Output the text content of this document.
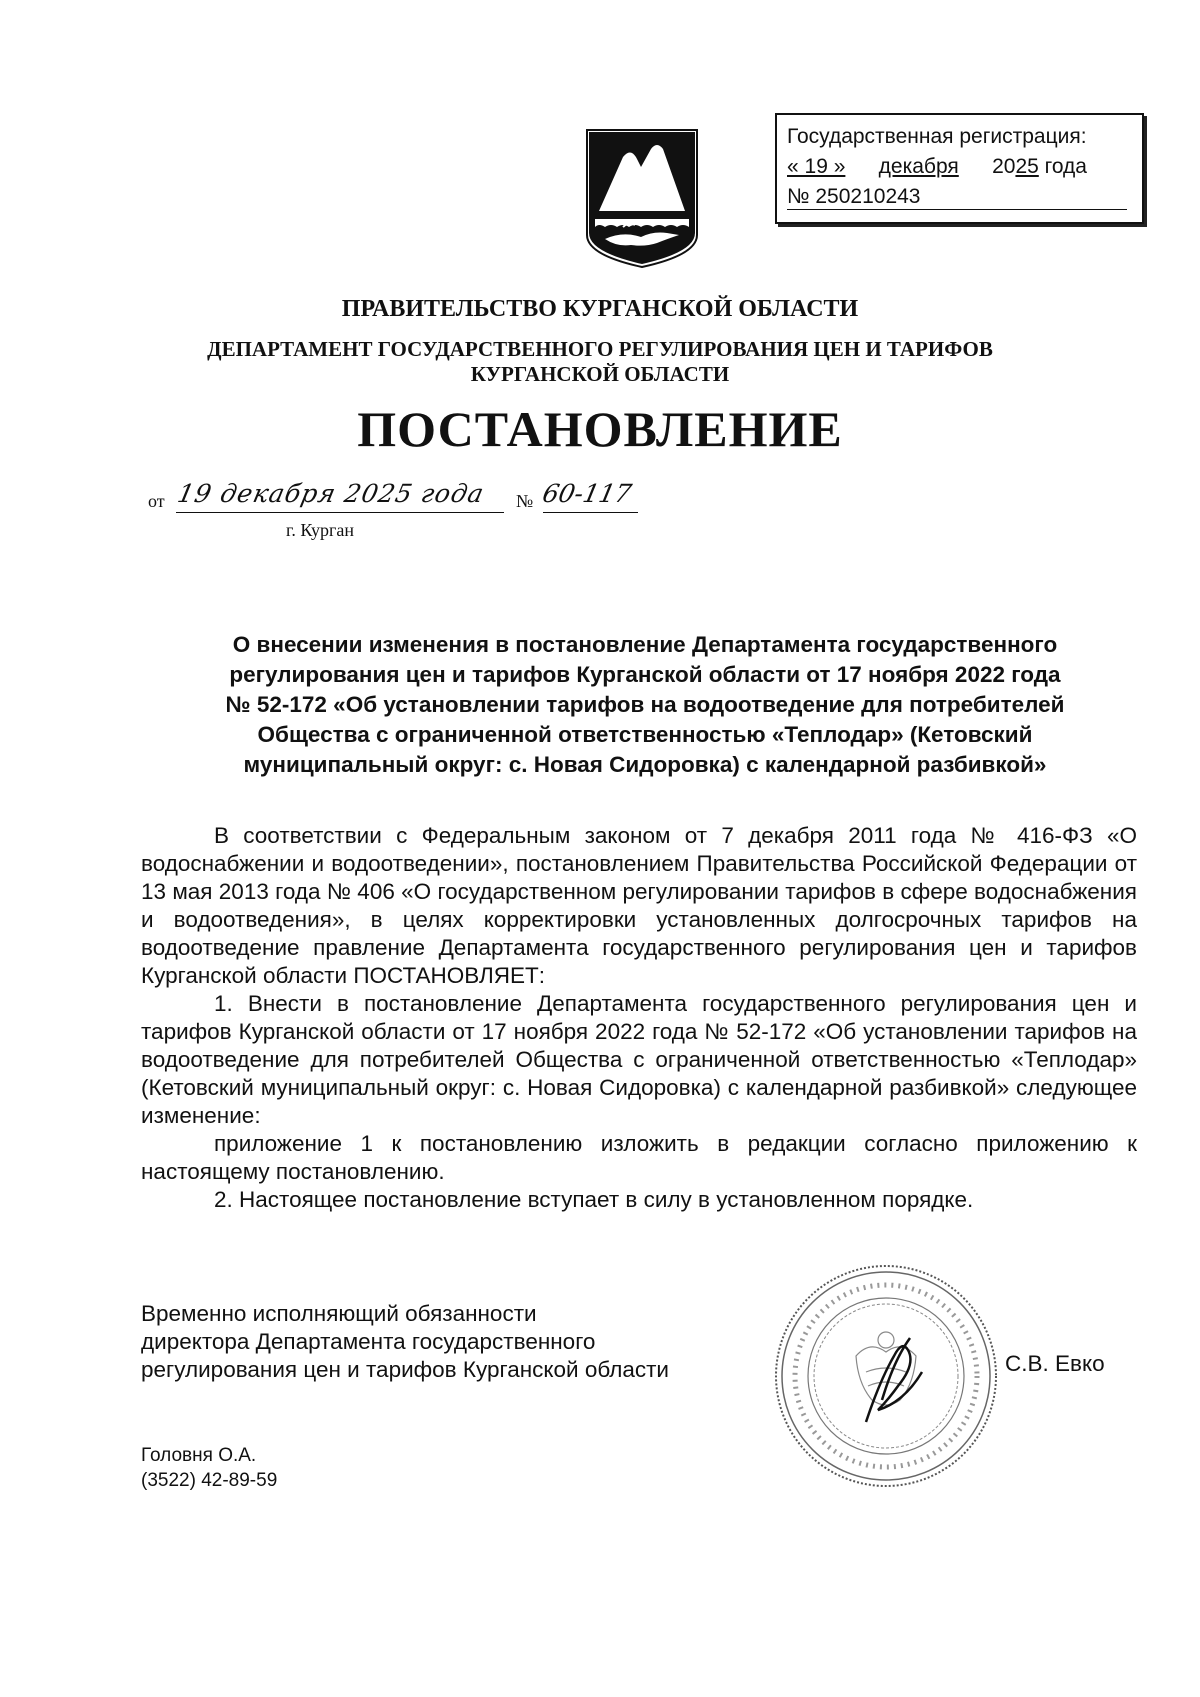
Государственная регистрация:
« 19 » декабря 2025 года
№ 250210243
ПРАВИТЕЛЬСТВО КУРГАНСКОЙ ОБЛАСТИ
ДЕПАРТАМЕНТ ГОСУДАРСТВЕННОГО РЕГУЛИРОВАНИЯ ЦЕН И ТАРИФОВ
КУРГАНСКОЙ ОБЛАСТИ
ПОСТАНОВЛЕНИЕ
от 19 декабря 2025 года № 60-117
г. Курган
О внесении изменения в постановление Департамента государственного
регулирования цен и тарифов Курганской области от 17 ноября 2022 года
№ 52-172 «Об установлении тарифов на водоотведение для потребителей
Общества с ограниченной ответственностью «Теплодар» (Кетовский
муниципальный округ: с. Новая Сидоровка) с календарной разбивкой»

В соответствии с Федеральным законом от 7 декабря 2011 года № 416-ФЗ «О водоснабжении и водоотведении», постановлением Правительства Российской Федерации от 13 мая 2013 года № 406 «О государственном регулировании тарифов в сфере водоснабжения и водоотведения», в целях корректировки установленных долгосрочных тарифов на водоотведение правление Департамента государственного регулирования цен и тарифов Курганской области ПОСТАНОВЛЯЕТ:

1. Внести в постановление Департамента государственного регулирования цен и тарифов Курганской области от 17 ноября 2022 года № 52-172 «Об установлении тарифов на водоотведение для потребителей Общества с ограниченной ответственностью «Теплодар» (Кетовский муниципальный округ: с. Новая Сидоровка) с календарной разбивкой» следующее изменение:

приложение 1 к постановлению изложить в редакции согласно приложению к настоящему постановлению.

2. Настоящее постановление вступает в силу в установленном порядке.

Временно исполняющий обязанности
директора Департамента государственного
регулирования цен и тарифов Курганской области	С.В. Евко
Головня О.А.
(3522) 42-89-59
